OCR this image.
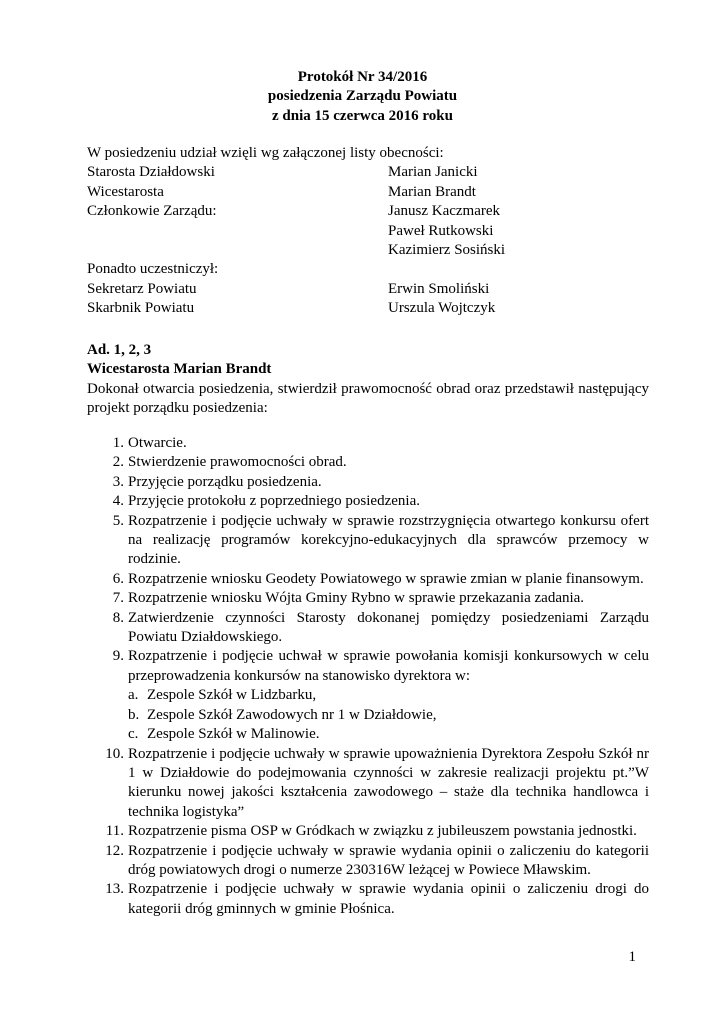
Protokół Nr 34/2016
posiedzenia Zarządu Powiatu
z dnia 15 czerwca 2016 roku
W posiedzeniu udział wzięli wg załączonej listy obecności:
Starosta Działdowski	Marian Janicki
Wicestarosta	Marian Brandt
Członkowie Zarządu:	Janusz Kaczmarek
Paweł Rutkowski
Kazimierz Sosiński
Ponadto uczestniczył:
Sekretarz Powiatu	Erwin Smoliński
Skarbnik Powiatu	Urszula Wojtczyk
Ad. 1, 2, 3
Wicestarosta Marian Brandt
Dokonał otwarcia posiedzenia, stwierdził prawomocność obrad oraz przedstawił następujący projekt porządku posiedzenia:
1. Otwarcie.
2. Stwierdzenie prawomocności obrad.
3. Przyjęcie porządku posiedzenia.
4. Przyjęcie protokołu z poprzedniego posiedzenia.
5. Rozpatrzenie i podjęcie uchwały w sprawie rozstrzygnięcia otwartego konkursu ofert na realizację programów korekcyjno-edukacyjnych dla sprawców przemocy w rodzinie.
6. Rozpatrzenie wniosku Geodety Powiatowego w sprawie zmian w planie finansowym.
7. Rozpatrzenie wniosku Wójta Gminy Rybno w sprawie przekazania zadania.
8. Zatwierdzenie czynności Starosty dokonanej pomiędzy posiedzeniami Zarządu Powiatu Działdowskiego.
9. Rozpatrzenie i podjęcie uchwał w sprawie powołania komisji konkursowych w celu przeprowadzenia konkursów na stanowisko dyrektora w:
a. Zespole Szkół w Lidzbarku,
b. Zespole Szkół Zawodowych nr 1 w Działdowie,
c. Zespole Szkół w Malinowie.
10. Rozpatrzenie i podjęcie uchwały w sprawie upoważnienia Dyrektora Zespołu Szkół nr 1 w Działdowie do podejmowania czynności w zakresie realizacji projektu pt.”W kierunku nowej jakości kształcenia zawodowego – staże dla technika handlowca i technika logistyka”
11. Rozpatrzenie pisma OSP w Gródkach w związku z jubileuszem powstania jednostki.
12. Rozpatrzenie i podjęcie uchwały w sprawie wydania opinii o zaliczeniu do kategorii dróg powiatowych drogi o numerze 230316W leżącej w Powiece Mławskim.
13. Rozpatrzenie i podjęcie uchwały w sprawie wydania opinii o zaliczeniu drogi do kategorii dróg gminnych w gminie Płośnica.
1
